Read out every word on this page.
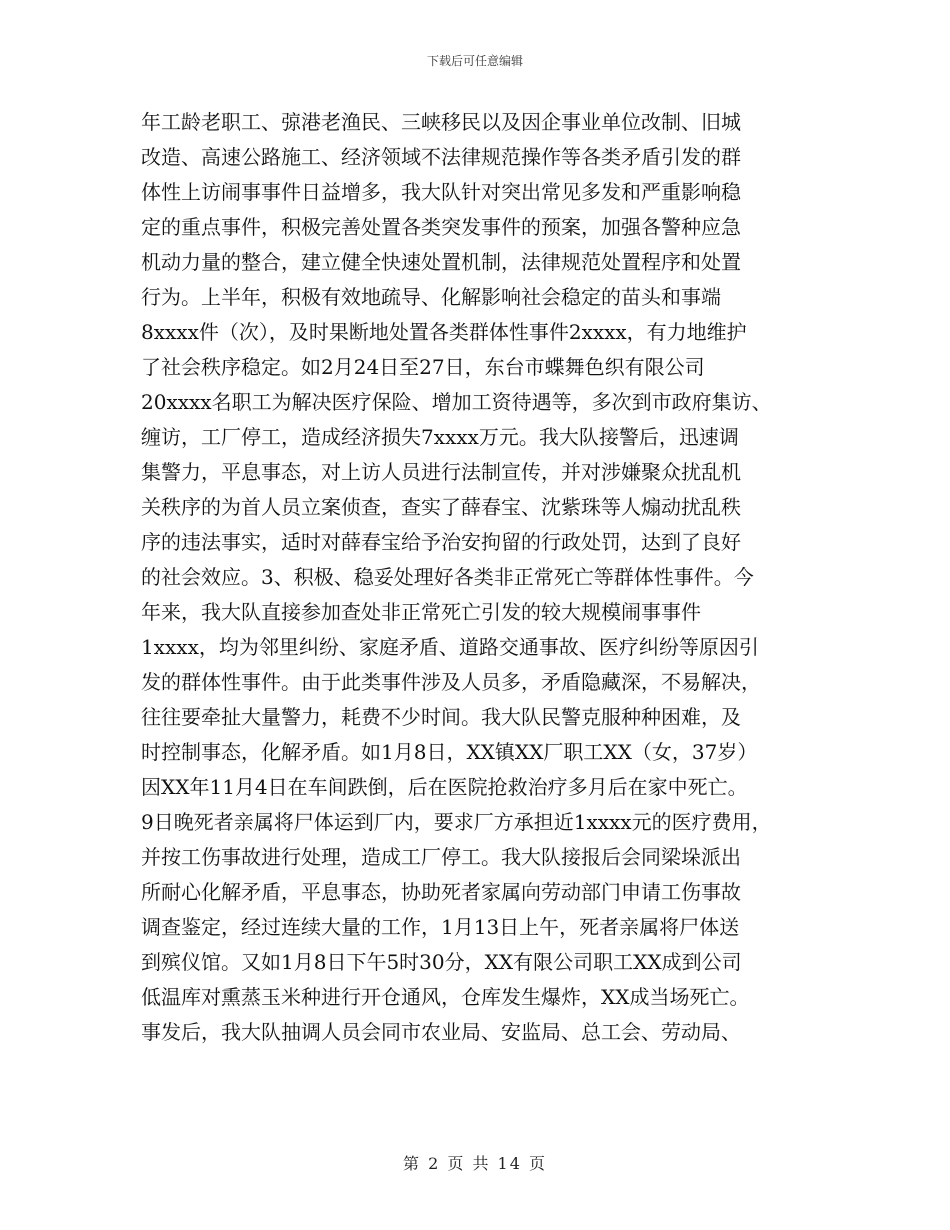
下载后可任意编辑
年工龄老职工、弶港老渔民、三峡移民以及因企事业单位改制、旧城
改造、高速公路施工、经济领域不法律规范操作等各类矛盾引发的群
体性上访闹事事件日益增多，我大队针对突出常见多发和严重影响稳
定的重点事件，积极完善处置各类突发事件的预案，加强各警种应急
机动力量的整合，建立健全快速处置机制，法律规范处置程序和处置
行为。上半年，积极有效地疏导、化解影响社会稳定的苗头和事端
8xxxx件（次），及时果断地处置各类群体性事件2xxxx，有力地维护
了社会秩序稳定。如2月24日至27日，东台市蝶舞色织有限公司
20xxxx名职工为解决医疗保险、增加工资待遇等，多次到市政府集访、
缠访，工厂停工，造成经济损失7xxxx万元。我大队接警后，迅速调
集警力，平息事态，对上访人员进行法制宣传，并对涉嫌聚众扰乱机
关秩序的为首人员立案侦查，查实了薛春宝、沈紫珠等人煽动扰乱秩
序的违法事实，适时对薛春宝给予治安拘留的行政处罚，达到了良好
的社会效应。3、积极、稳妥处理好各类非正常死亡等群体性事件。今
年来，我大队直接参加查处非正常死亡引发的较大规模闹事事件
1xxxx，均为邻里纠纷、家庭矛盾、道路交通事故、医疗纠纷等原因引
发的群体性事件。由于此类事件涉及人员多，矛盾隐藏深，不易解决，
往往要牵扯大量警力，耗费不少时间。我大队民警克服种种困难，及
时控制事态，化解矛盾。如1月8日，XX镇XX厂职工XX（女，37岁）
因XX年11月4日在车间跌倒，后在医院抢救治疗多月后在家中死亡。
9日晚死者亲属将尸体运到厂内，要求厂方承担近1xxxx元的医疗费用，
并按工伤事故进行处理，造成工厂停工。我大队接报后会同梁垛派出
所耐心化解矛盾，平息事态，协助死者家属向劳动部门申请工伤事故
调查鉴定，经过连续大量的工作，1月13日上午，死者亲属将尸体送
到殡仪馆。又如1月8日下午5时30分，XX有限公司职工XX成到公司
低温库对熏蒸玉米种进行开仓通风，仓库发生爆炸，XX成当场死亡。
事发后，我大队抽调人员会同市农业局、安监局、总工会、劳动局、
第 2 页 共 14 页
